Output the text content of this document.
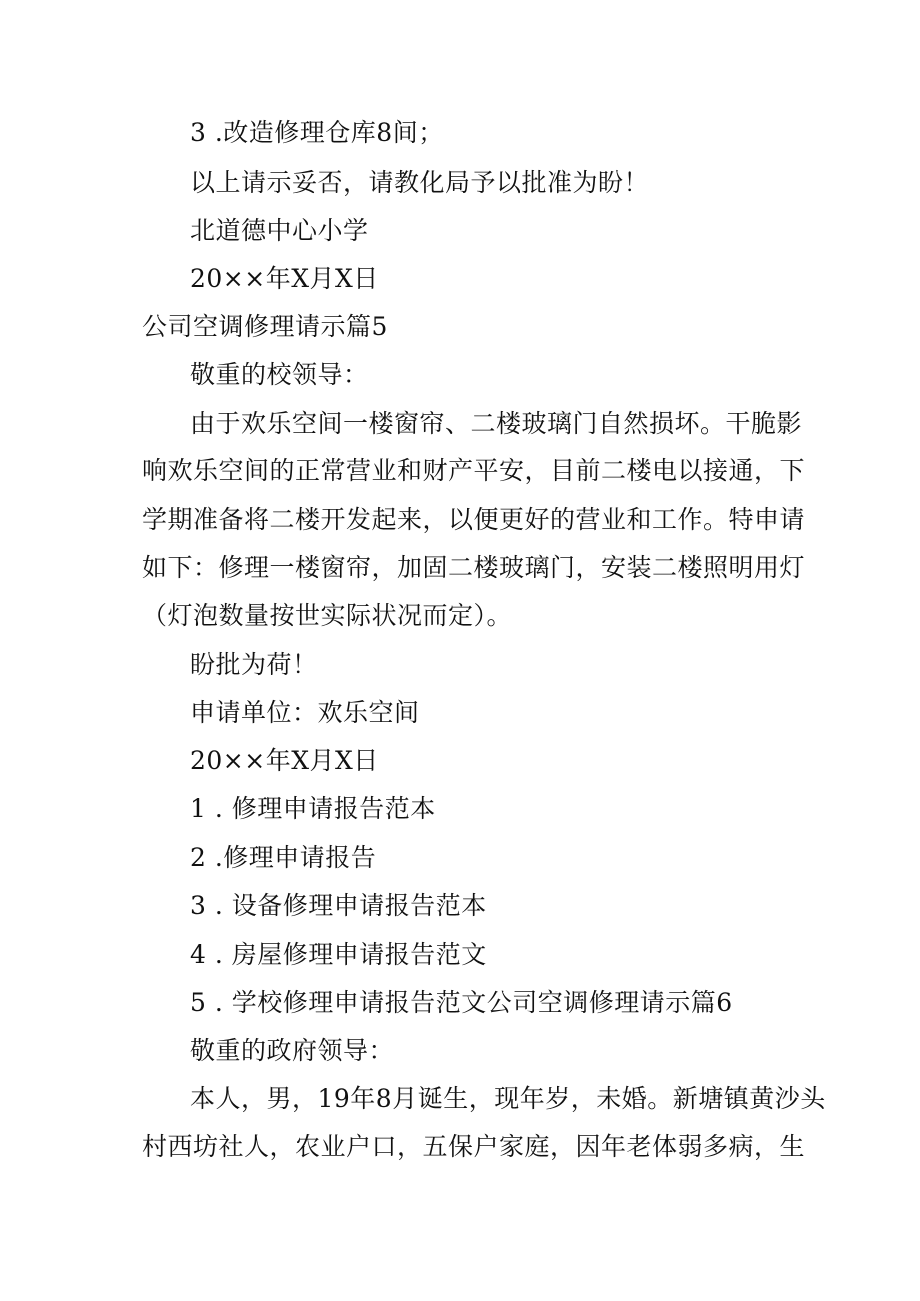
3 .改造修理仓库8间；
以上请示妥否，请教化局予以批准为盼！
北道德中心小学
20××年X月X日
公司空调修理请示篇5
敬重的校领导：
由于欢乐空间一楼窗帘、二楼玻璃门自然损坏。干脆影
响欢乐空间的正常营业和财产平安，目前二楼电以接通，下
学期准备将二楼开发起来，以便更好的营业和工作。特申请
如下：修理一楼窗帘，加固二楼玻璃门，安装二楼照明用灯
（灯泡数量按世实际状况而定）。
盼批为荷！
申请单位：欢乐空间
20××年X月X日
1 . 修理申请报告范本
2 .修理申请报告
3 . 设备修理申请报告范本
4 . 房屋修理申请报告范文
5 . 学校修理申请报告范文公司空调修理请示篇6
敬重的政府领导：
本人，男，19年8月诞生，现年岁，未婚。新塘镇黄沙头
村西坊社人，农业户口，五保户家庭，因年老体弱多病，生
